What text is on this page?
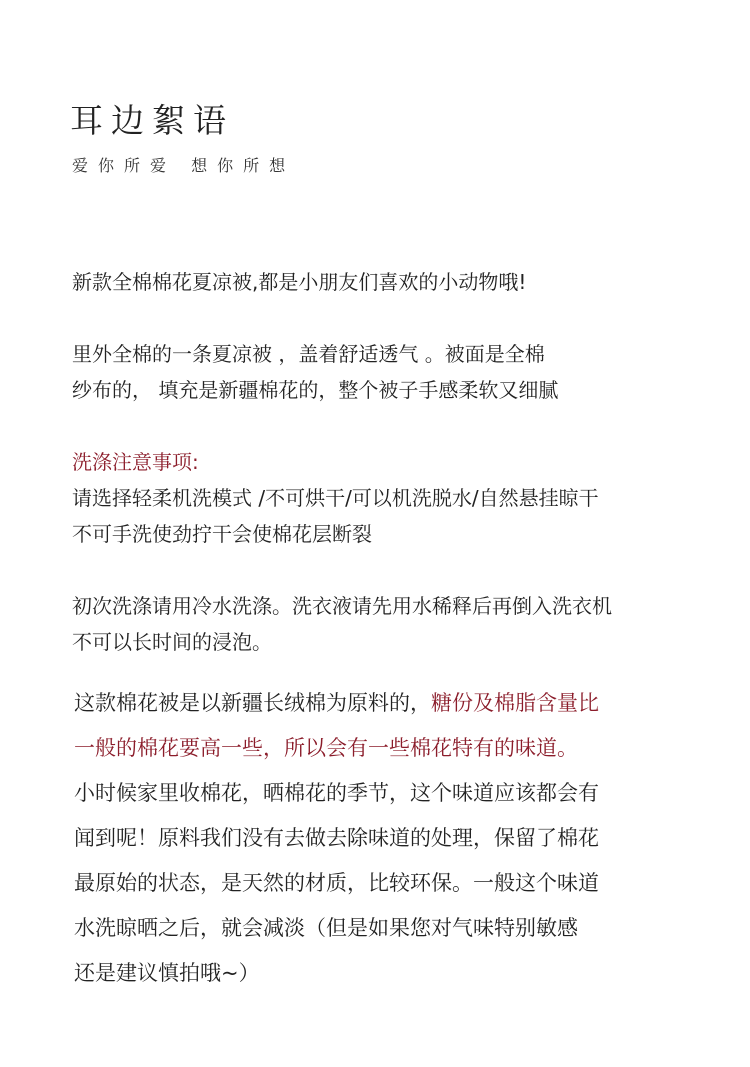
耳边絮语
爱你所爱 想你所想
新款全棉棉花夏凉被,都是小朋友们喜欢的小动物哦!
里外全棉的一条夏凉被 ，盖着舒适透气 。被面是全棉
纱布的， 填充是新疆棉花的，整个被子手感柔软又细腻
洗涤注意事项:
请选择轻柔机洗模式 /不可烘干/可以机洗脱水/自然悬挂晾干
不可手洗使劲拧干会使棉花层断裂
初次洗涤请用冷水洗涤。洗衣液请先用水稀释后再倒入洗衣机
不可以长时间的浸泡。
这款棉花被是以新疆长绒棉为原料的，糖份及棉脂含量比
一般的棉花要高一些，所以会有一些棉花特有的味道。
小时候家里收棉花，晒棉花的季节，这个味道应该都会有
闻到呢！原料我们没有去做去除味道的处理，保留了棉花
最原始的状态，是天然的材质，比较环保。一般这个味道
水洗晾晒之后，就会减淡（但是如果您对气味特别敏感
还是建议慎拍哦~）
